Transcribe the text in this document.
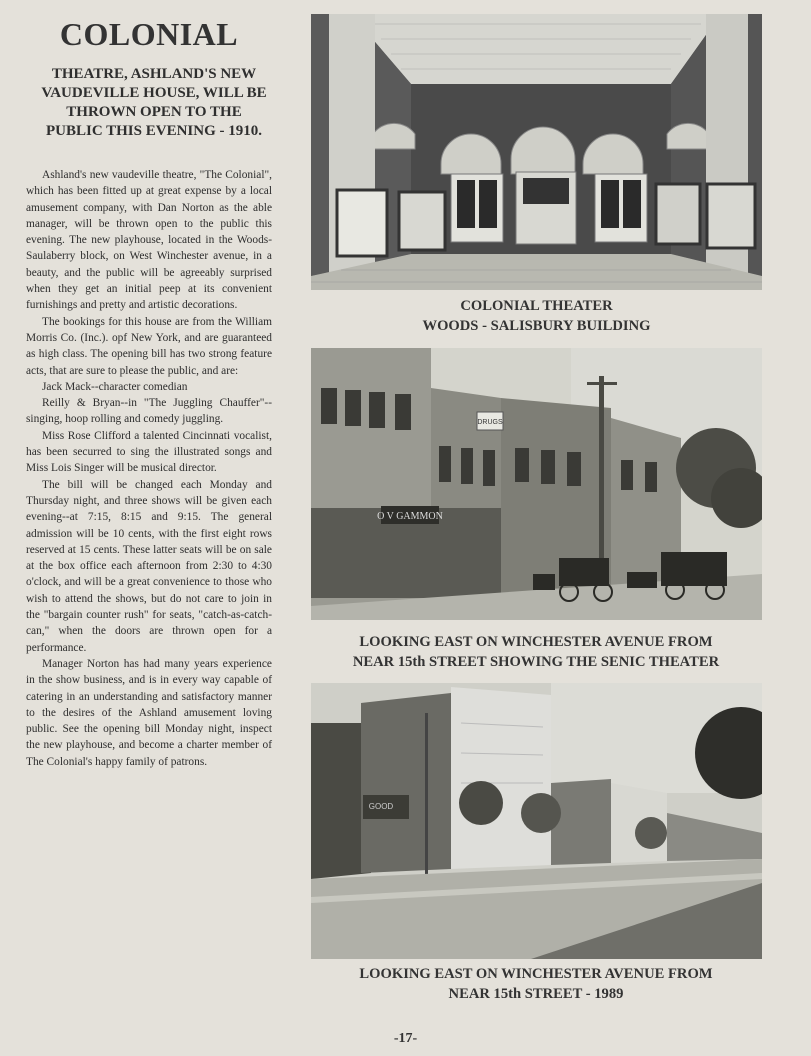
COLONIAL
THEATRE, ASHLAND'S NEW VAUDEVILLE HOUSE, WILL BE THROWN OPEN TO THE PUBLIC THIS EVENING - 1910.

Ashland's new vaudeville theatre, "The Colonial", which has been fitted up at great expense by a local amusement company, with Dan Norton as the able manager, will be thrown open to the public this evening. The new playhouse, located in the Woods-Saulaberry block, on West Winchester avenue, in a beauty, and the public will be agreeably surprised when they get an initial peep at its convenient furnishings and pretty and artistic decorations.

The bookings for this house are from the William Morris Co. (Inc.). opf New York, and are guaranteed as high class. The opening bill has two strong feature acts, that are sure to please the public, and are:

Jack Mack--character comedian

Reilly & Bryan--in "The Juggling Chauffer"--singing, hoop rolling and comedy juggling.

Miss Rose Clifford a talented Cincinnati vocalist, has been securred to sing the illustrated songs and Miss Lois Singer will be musical director.

The bill will be changed each Monday and Thursday night, and three shows will be given each evening--at 7:15, 8:15 and 9:15. The general admission will be 10 cents, with the first eight rows reserved at 15 cents. These latter seats will be on sale at the box office each afternoon from 2:30 to 4:30 o'clock, and will be a great convenience to those who wish to attend the shows, but do not care to join in the "bargain counter rush" for seats, "catch-as-catch-can," when the doors are thrown open for a performance.

Manager Norton has had many years experience in the show business, and is in every way capable of catering in an understanding and satisfactory manner to the desires of the Ashland amusement loving public. See the opening bill Monday night, inspect the new playhouse, and become a charter member of The Colonial's happy family of patrons.

COLONIAL THEATER
WOODS - SALISBURY BUILDING
O V GAMMON
DRUGS
LOOKING EAST ON WINCHESTER AVENUE FROM
NEAR 15th STREET SHOWING THE SENIC THEATER
GOOD
LOOKING EAST ON WINCHESTER AVENUE FROM
NEAR 15th STREET - 1989
-17-
